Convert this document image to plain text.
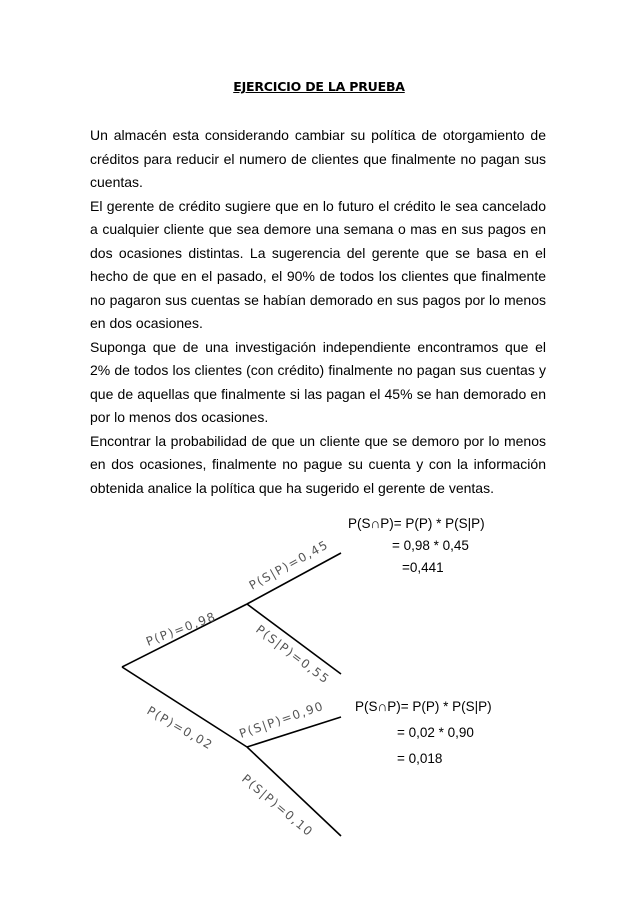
EJERCICIO DE LA PRUEBA

Un almacén esta considerando cambiar su política de otorgamiento de créditos para reducir el numero de clientes que finalmente no pagan sus cuentas.

El gerente de crédito sugiere que en lo futuro el crédito le sea cancelado a cualquier cliente que sea demore una semana o mas en sus pagos en dos ocasiones distintas. La sugerencia del gerente que se basa en el hecho de que en el pasado, el 90% de todos los clientes que finalmente no pagaron sus cuentas se habían demorado en sus pagos por lo menos en dos ocasiones.

Suponga que de una investigación independiente encontramos que el 2% de todos los clientes (con crédito) finalmente no pagan sus cuentas y que de aquellas que finalmente si las pagan el 45% se han demorado en por lo menos dos ocasiones.

Encontrar la probabilidad de que un cliente que se demoro por lo menos en dos ocasiones, finalmente no pague su cuenta y con la información obtenida analice la política que ha sugerido el gerente de ventas.

P(P)=0,98
P(P)=0,02
P(S|P)=0,45
P(S|P)=0,55
P(S|P)=0,90
P(S|P)=0,10
P(S∩P)= P(P) * P(S|P)
= 0,98 * 0,45
=0,441
P(S∩P)= P(P) * P(S|P)
= 0,02 * 0,90
= 0,018
